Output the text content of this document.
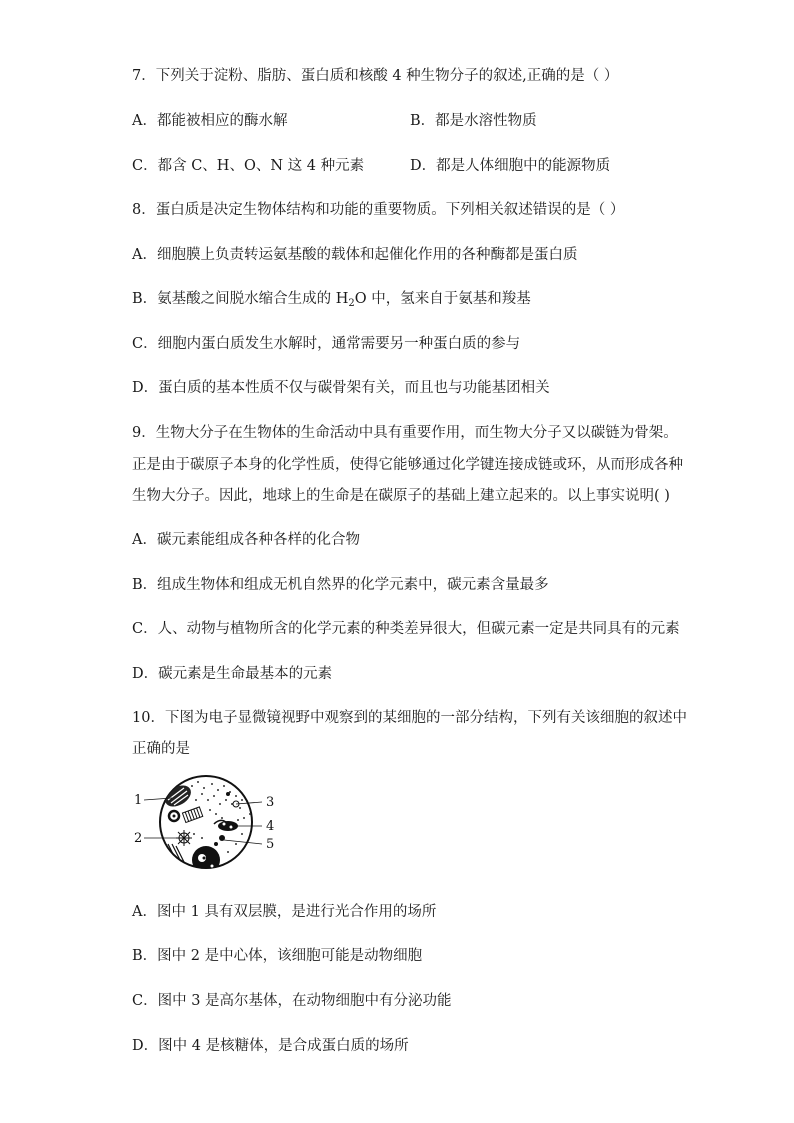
7．下列关于淀粉、脂肪、蛋白质和核酸 4 种生物分子的叙述,正确的是（ ）
A．都能被相应的酶水解	B．都是水溶性物质
C．都含 C、H、O、N 这 4 种元素	D．都是人体细胞中的能源物质
8．蛋白质是决定生物体结构和功能的重要物质。下列相关叙述错误的是（ ）
A．细胞膜上负责转运氨基酸的载体和起催化作用的各种酶都是蛋白质
B．氨基酸之间脱水缩合生成的 $H_2O$ 中，氢来自于氨基和羧基
C．细胞内蛋白质发生水解时，通常需要另一种蛋白质的参与
D．蛋白质的基本性质不仅与碳骨架有关，而且也与功能基团相关
9．生物大分子在生物体的生命活动中具有重要作用，而生物大分子又以碳链为骨架。
正是由于碳原子本身的化学性质，使得它能够通过化学键连接成链或环，从而形成各种
生物大分子。因此，地球上的生命是在碳原子的基础上建立起来的。以上事实说明( )
A．碳元素能组成各种各样的化合物
B．组成生物体和组成无机自然界的化学元素中，碳元素含量最多
C．人、动物与植物所含的化学元素的种类差异很大，但碳元素一定是共同具有的元素
D．碳元素是生命最基本的元素
10．下图为电子显微镜视野中观察到的某细胞的一部分结构，下列有关该细胞的叙述中
正确的是
1
2
3
4
5
A．图中 1 具有双层膜，是进行光合作用的场所
B．图中 2 是中心体，该细胞可能是动物细胞
C．图中 3 是高尔基体，在动物细胞中有分泌功能
D．图中 4 是核糖体，是合成蛋白质的场所
